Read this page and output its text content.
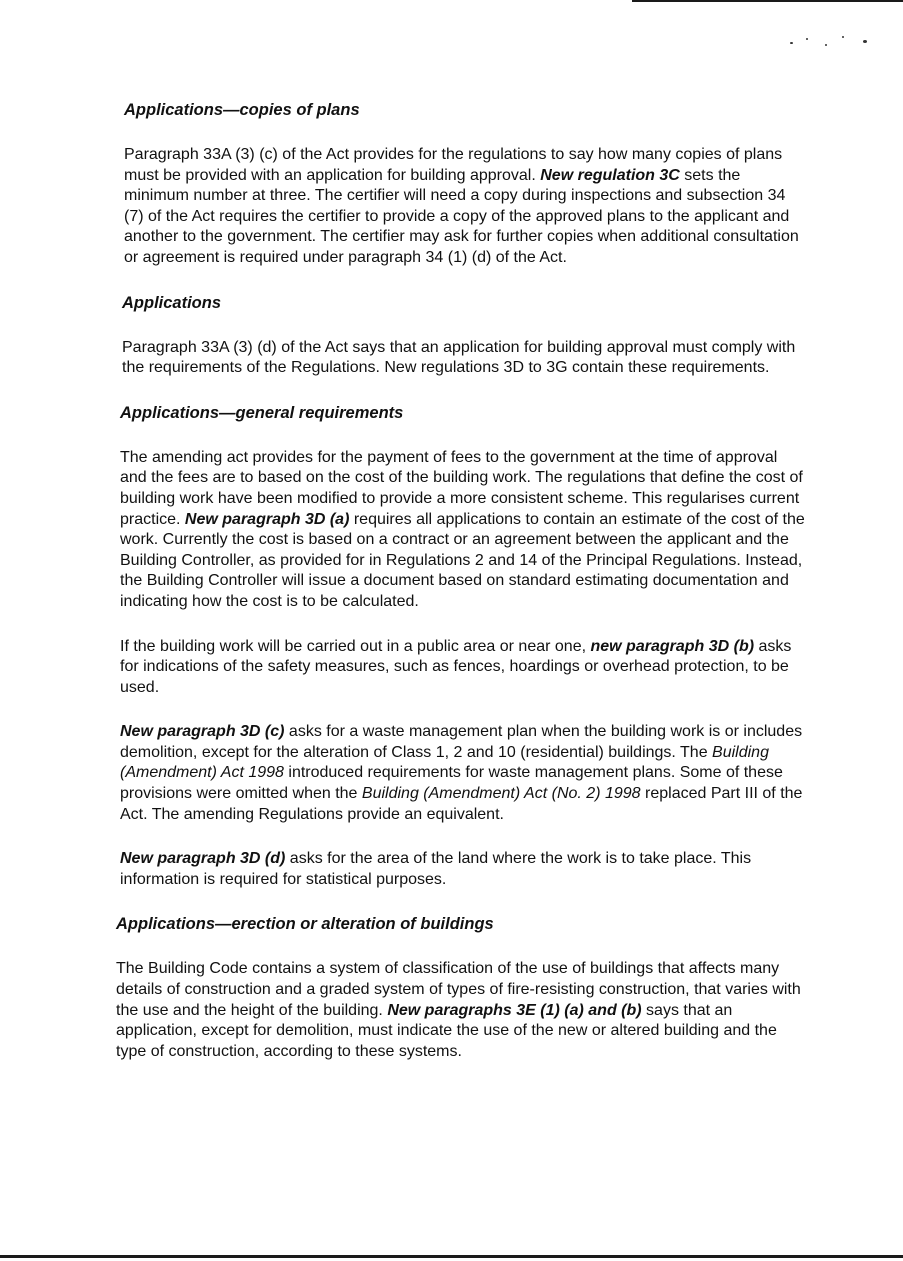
Applications—copies of plans

Paragraph 33A (3) (c) of the Act provides for the regulations to say how many copies of plans must be provided with an application for building approval. New regulation 3C sets the minimum number at three. The certifier will need a copy during inspections and subsection 34 (7) of the Act requires the certifier to provide a copy of the approved plans to the applicant and another to the government. The certifier may ask for further copies when additional consultation or agreement is required under paragraph 34 (1) (d) of the Act.

Applications

Paragraph 33A (3) (d) of the Act says that an application for building approval must comply with the requirements of the Regulations. New regulations 3D to 3G contain these requirements.

Applications—general requirements

The amending act provides for the payment of fees to the government at the time of approval and the fees are to based on the cost of the building work. The regulations that define the cost of building work have been modified to provide a more consistent scheme. This regularises current practice. New paragraph 3D (a) requires all applications to contain an estimate of the cost of the work. Currently the cost is based on a contract or an agreement between the applicant and the Building Controller, as provided for in Regulations 2 and 14 of the Principal Regulations. Instead, the Building Controller will issue a document based on standard estimating documentation and indicating how the cost is to be calculated.

If the building work will be carried out in a public area or near one, new paragraph 3D (b) asks for indications of the safety measures, such as fences, hoardings or overhead protection, to be used.

New paragraph 3D (c) asks for a waste management plan when the building work is or includes demolition, except for the alteration of Class 1, 2 and 10 (residential) buildings. The Building (Amendment) Act 1998 introduced requirements for waste management plans. Some of these provisions were omitted when the Building (Amendment) Act (No. 2) 1998 replaced Part III of the Act. The amending Regulations provide an equivalent.

New paragraph 3D (d) asks for the area of the land where the work is to take place. This information is required for statistical purposes.

Applications—erection or alteration of buildings

The Building Code contains a system of classification of the use of buildings that affects many details of construction and a graded system of types of fire-resisting construction, that varies with the use and the height of the building. New paragraphs 3E (1) (a) and (b) says that an application, except for demolition, must indicate the use of the new or altered building and the type of construction, according to these systems.
